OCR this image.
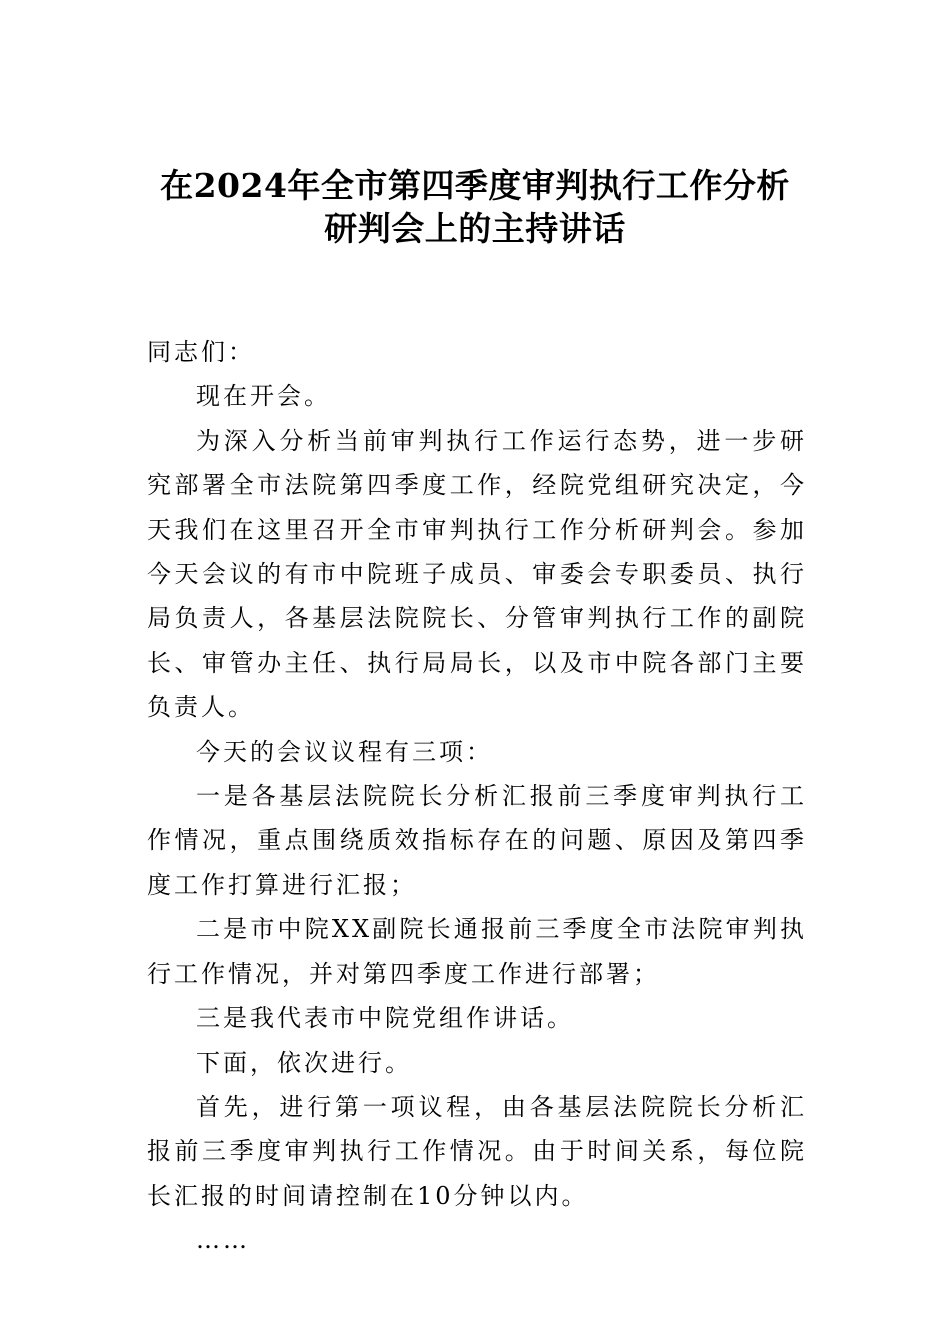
在2024年全市第四季度审判执行工作分析
研判会上的主持讲话

同志们：

现在开会。

为深入分析当前审判执行工作运行态势，进一步研究部署全市法院第四季度工作，经院党组研究决定，今天我们在这里召开全市审判执行工作分析研判会。参加今天会议的有市中院班子成员、审委会专职委员、执行局负责人，各基层法院院长、分管审判执行工作的副院长、审管办主任、执行局局长，以及市中院各部门主要负责人。

今天的会议议程有三项：

一是各基层法院院长分析汇报前三季度审判执行工作情况，重点围绕质效指标存在的问题、原因及第四季度工作打算进行汇报；

二是市中院XX副院长通报前三季度全市法院审判执行工作情况，并对第四季度工作进行部署；

三是我代表市中院党组作讲话。

下面，依次进行。

首先，进行第一项议程，由各基层法院院长分析汇报前三季度审判执行工作情况。由于时间关系，每位院长汇报的时间请控制在10分钟以内。

……
